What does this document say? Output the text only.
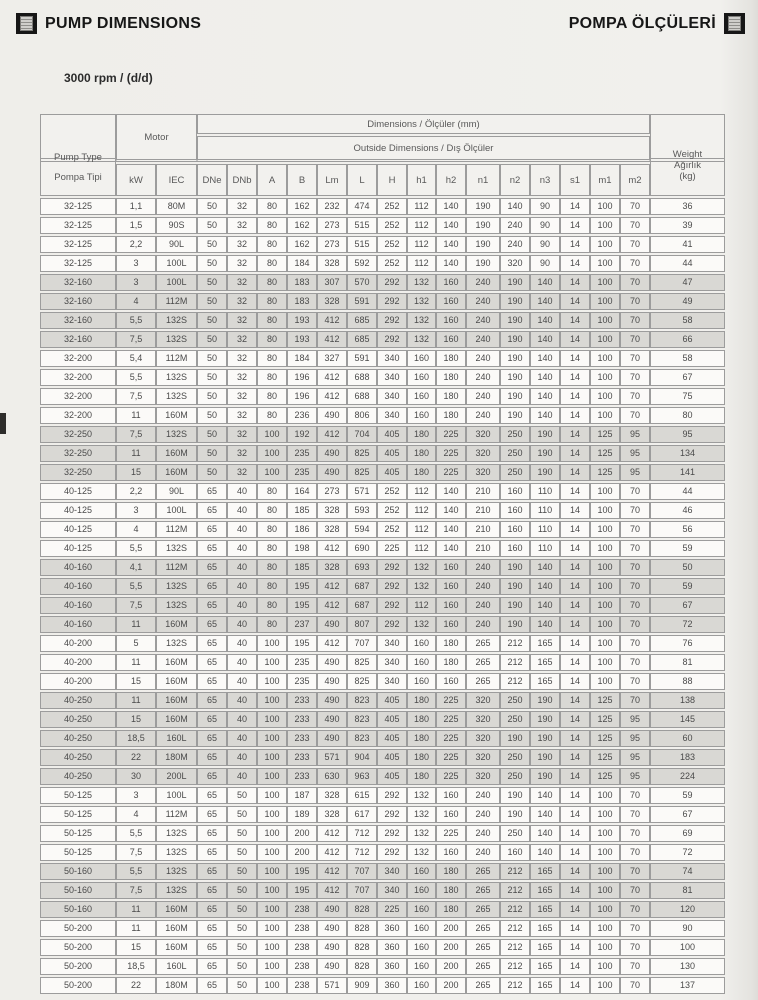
PUMP DIMENSIONS	POMPA ÖLÇÜLERİ
3000 rpm / (d/d)
Pump Type
Pompa Tipi	Motor		Dimensions / Ölçüler (mm)															Weight
Ağırlık
(kg)

			Outside Dimensions / Dış Ölçüler															
	kW	IEC	DNe	DNb	A	B	Lm	L	H	h1	h2	n1	n2	n3	s1	m1	m2	
32-125	1,1	80M	50	32	80	162	232	474	252	112	140	190	140	90	14	100	70	36
32-125	1,5	90S	50	32	80	162	273	515	252	112	140	190	240	90	14	100	70	39
32-125	2,2	90L	50	32	80	162	273	515	252	112	140	190	240	90	14	100	70	41
32-125	3	100L	50	32	80	184	328	592	252	112	140	190	320	90	14	100	70	44
32-160	3	100L	50	32	80	183	307	570	292	132	160	240	190	140	14	100	70	47
32-160	4	112M	50	32	80	183	328	591	292	132	160	240	190	140	14	100	70	49
32-160	5,5	132S	50	32	80	193	412	685	292	132	160	240	190	140	14	100	70	58
32-160	7,5	132S	50	32	80	193	412	685	292	132	160	240	190	140	14	100	70	66
32-200	5,4	112M	50	32	80	184	327	591	340	160	180	240	190	140	14	100	70	58
32-200	5,5	132S	50	32	80	196	412	688	340	160	180	240	190	140	14	100	70	67
32-200	7,5	132S	50	32	80	196	412	688	340	160	180	240	190	140	14	100	70	75
32-200	11	160M	50	32	80	236	490	806	340	160	180	240	190	140	14	100	70	80
32-250	7,5	132S	50	32	100	192	412	704	405	180	225	320	250	190	14	125	95	95
32-250	11	160M	50	32	100	235	490	825	405	180	225	320	250	190	14	125	95	134
32-250	15	160M	50	32	100	235	490	825	405	180	225	320	250	190	14	125	95	141
40-125	2,2	90L	65	40	80	164	273	571	252	112	140	210	160	110	14	100	70	44
40-125	3	100L	65	40	80	185	328	593	252	112	140	210	160	110	14	100	70	46
40-125	4	112M	65	40	80	186	328	594	252	112	140	210	160	110	14	100	70	56
40-125	5,5	132S	65	40	80	198	412	690	225	112	140	210	160	110	14	100	70	59
40-160	4,1	112M	65	40	80	185	328	693	292	132	160	240	190	140	14	100	70	50
40-160	5,5	132S	65	40	80	195	412	687	292	132	160	240	190	140	14	100	70	59
40-160	7,5	132S	65	40	80	195	412	687	292	112	160	240	190	140	14	100	70	67
40-160	11	160M	65	40	80	237	490	807	292	132	160	240	190	140	14	100	70	72
40-200	5	132S	65	40	100	195	412	707	340	160	180	265	212	165	14	100	70	76
40-200	11	160M	65	40	100	235	490	825	340	160	180	265	212	165	14	100	70	81
40-200	15	160M	65	40	100	235	490	825	340	160	160	265	212	165	14	100	70	88
40-250	11	160M	65	40	100	233	490	823	405	180	225	320	250	190	14	125	70	138
40-250	15	160M	65	40	100	233	490	823	405	180	225	320	250	190	14	125	95	145
40-250	18,5	160L	65	40	100	233	490	823	405	180	225	320	190	190	14	125	95	60
40-250	22	180M	65	40	100	233	571	904	405	180	225	320	250	190	14	125	95	183
40-250	30	200L	65	40	100	233	630	963	405	180	225	320	250	190	14	125	95	224
50-125	3	100L	65	50	100	187	328	615	292	132	160	240	190	140	14	100	70	59
50-125	4	112M	65	50	100	189	328	617	292	132	160	240	190	140	14	100	70	67
50-125	5,5	132S	65	50	100	200	412	712	292	132	225	240	250	140	14	100	70	69
50-125	7,5	132S	65	50	100	200	412	712	292	132	160	240	160	140	14	100	70	72
50-160	5,5	132S	65	50	100	195	412	707	340	160	180	265	212	165	14	100	70	74
50-160	7,5	132S	65	50	100	195	412	707	340	160	180	265	212	165	14	100	70	81
50-160	11	160M	65	50	100	238	490	828	225	160	180	265	212	165	14	100	70	120
50-200	11	160M	65	50	100	238	490	828	360	160	200	265	212	165	14	100	70	90
50-200	15	160M	65	50	100	238	490	828	360	160	200	265	212	165	14	100	70	100
50-200	18,5	160L	65	50	100	238	490	828	360	160	200	265	212	165	14	100	70	130
50-200	22	180M	65	50	100	238	571	909	360	160	200	265	212	165	14	100	70	137
